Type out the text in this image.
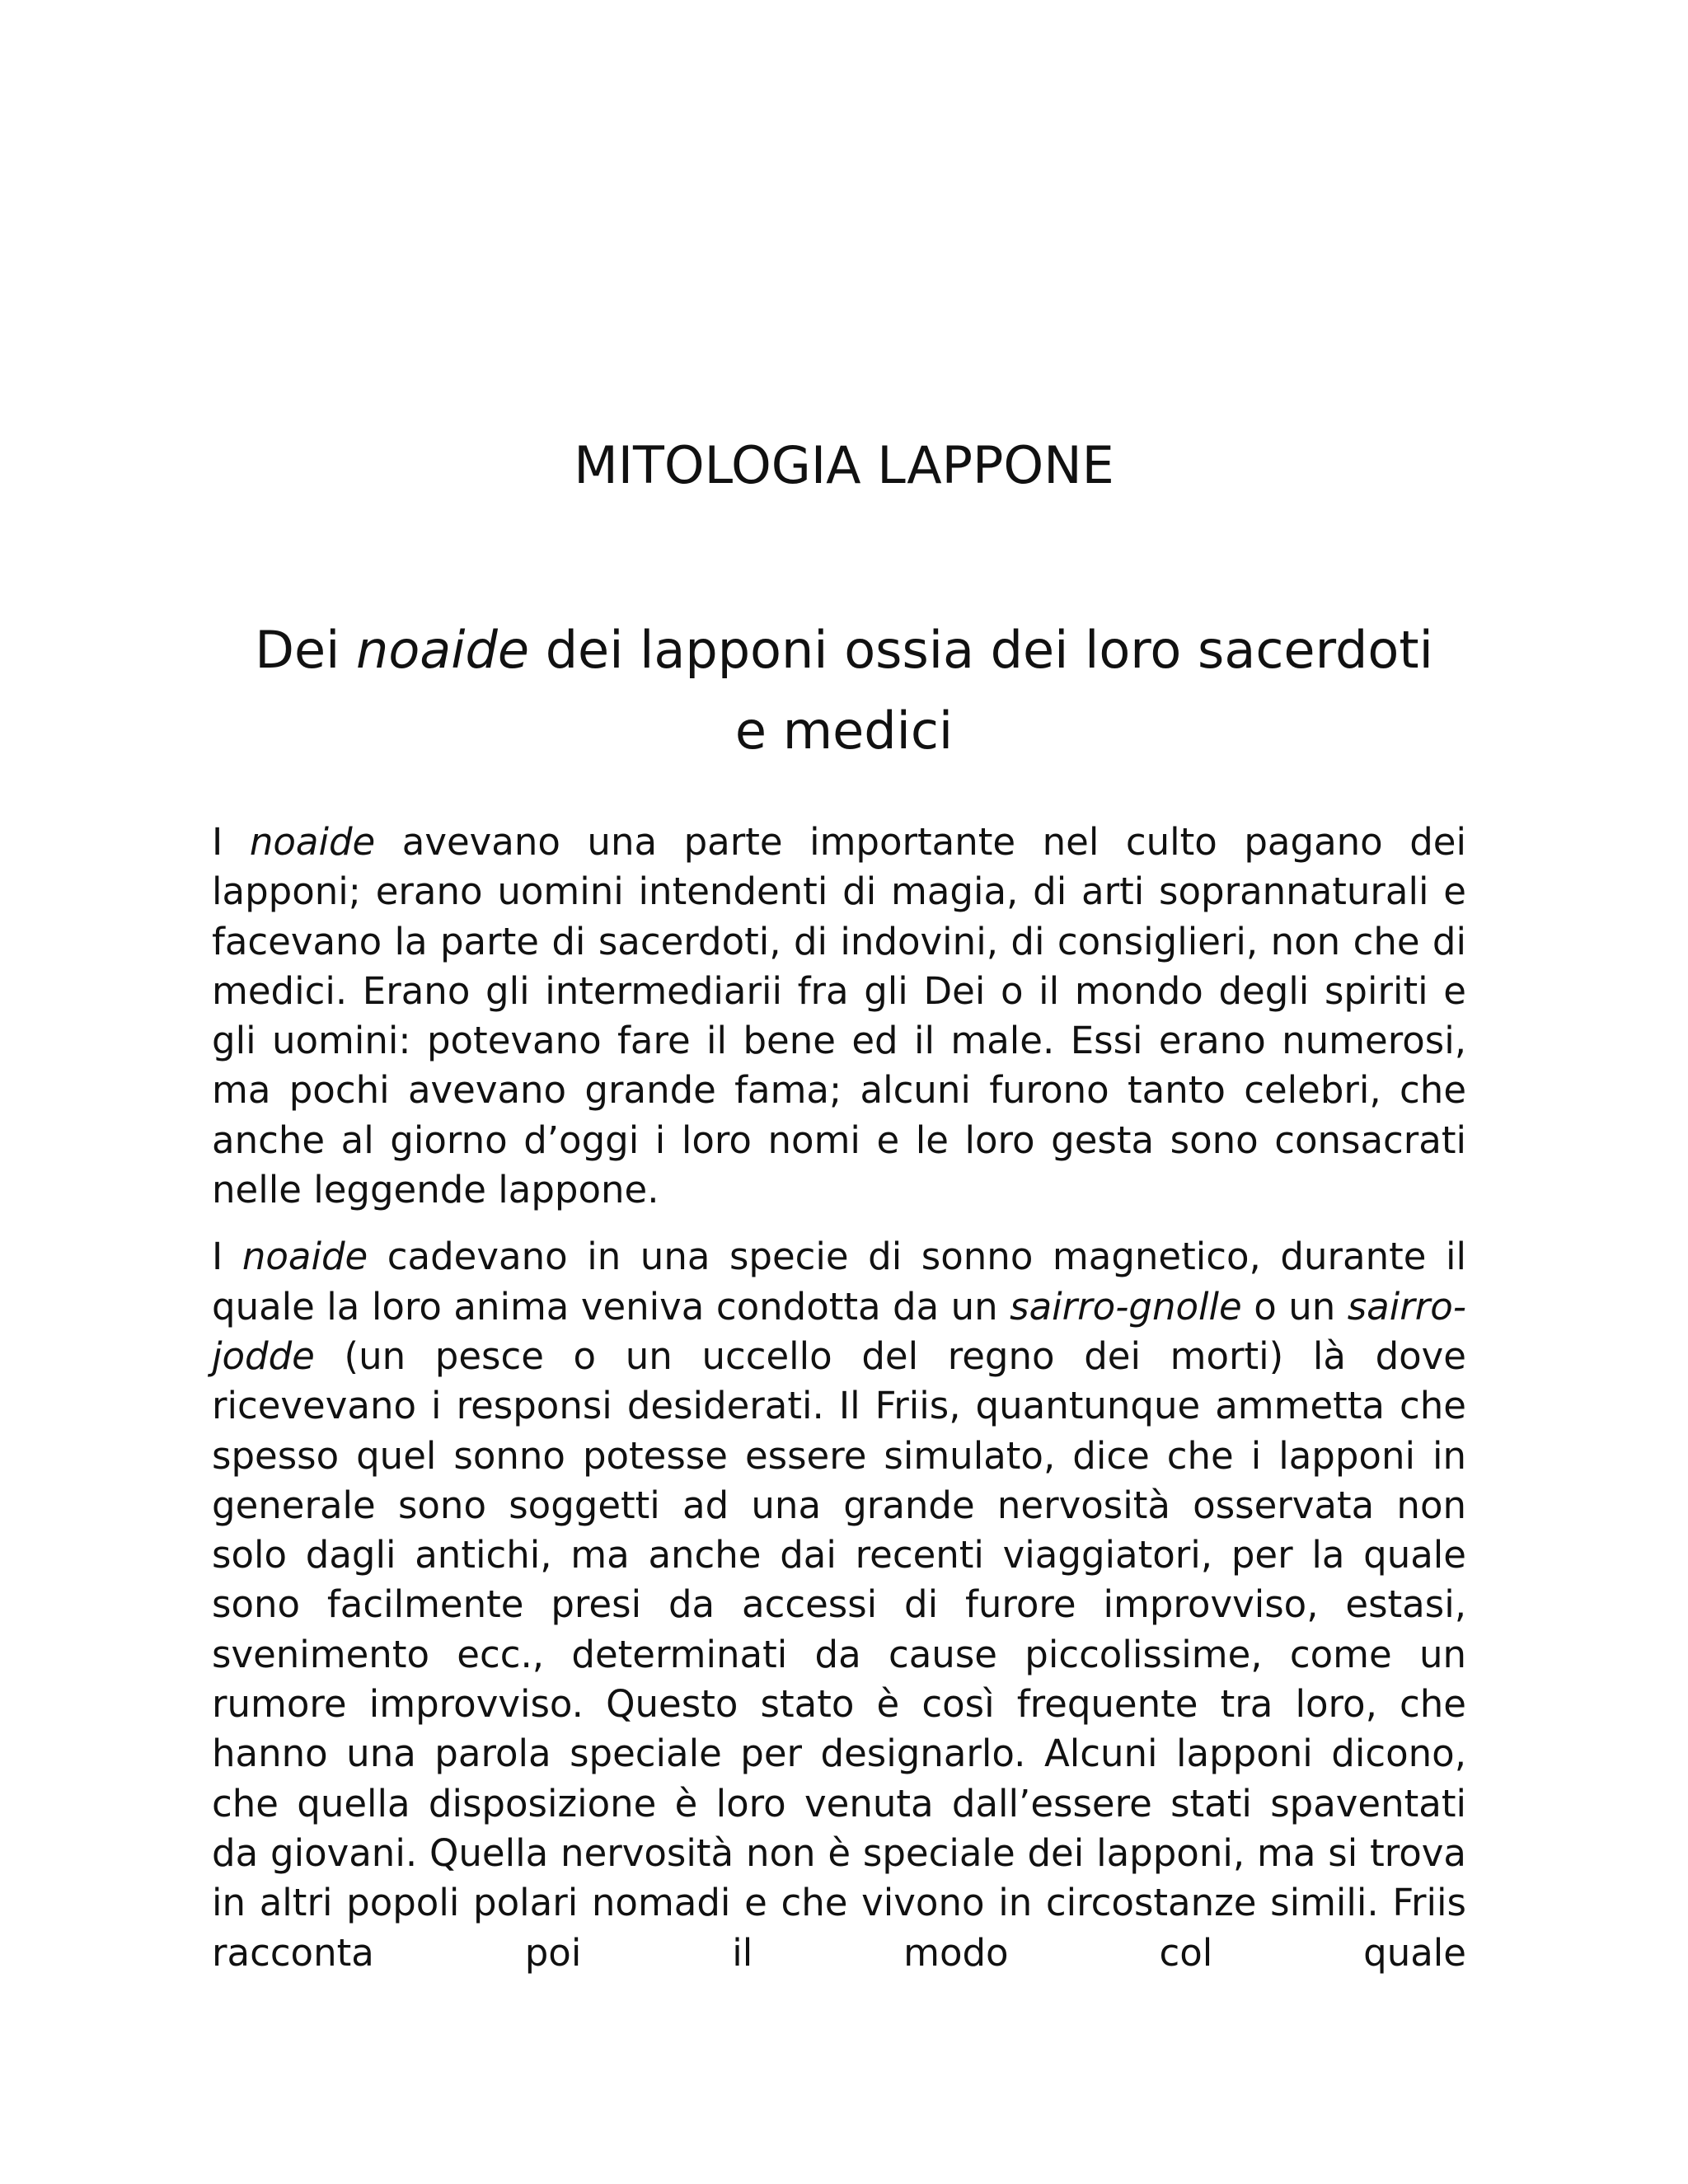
MITOLOGIA LAPPONE
Dei noaide dei lapponi ossia dei loro sacerdoti e medici

I noaide avevano una parte importante nel culto pagano dei lapponi; erano uomini intendenti di magia, di arti soprannaturali e facevano la parte di sacerdoti, di indovini, di consiglieri, non che di medici. Erano gli intermediarii fra gli Dei o il mondo degli spiriti e gli uomini: potevano fare il bene ed il male. Essi erano numerosi, ma pochi avevano grande fama; alcuni furono tanto celebri, che anche al giorno d’oggi i loro nomi e le loro gesta sono consacrati nelle leggende lappone.

I noaide cadevano in una specie di sonno magnetico, durante il quale la loro anima veniva condotta da un sairro-gnolle o un sairro-jodde (un pesce o un uccello del regno dei morti) là dove ricevevano i responsi desiderati. Il Friis, quantunque ammetta che spesso quel sonno potesse essere simulato, dice che i lapponi in generale sono soggetti ad una grande nervosità osservata non solo dagli antichi, ma anche dai recenti viaggiatori, per la quale sono facilmente presi da accessi di furore improvviso, estasi, svenimento ecc., determinati da cause piccolissime, come un rumore improvviso. Questo stato è così frequente tra loro, che hanno una parola speciale per designarlo. Alcuni lapponi dicono, che quella disposizione è loro venuta dall’essere stati spaventati da giovani. Quella nervosità non è speciale dei lapponi, ma si trova in altri popoli polari nomadi e che vivono in circostanze simili. Friis racconta poi il modo col quale
